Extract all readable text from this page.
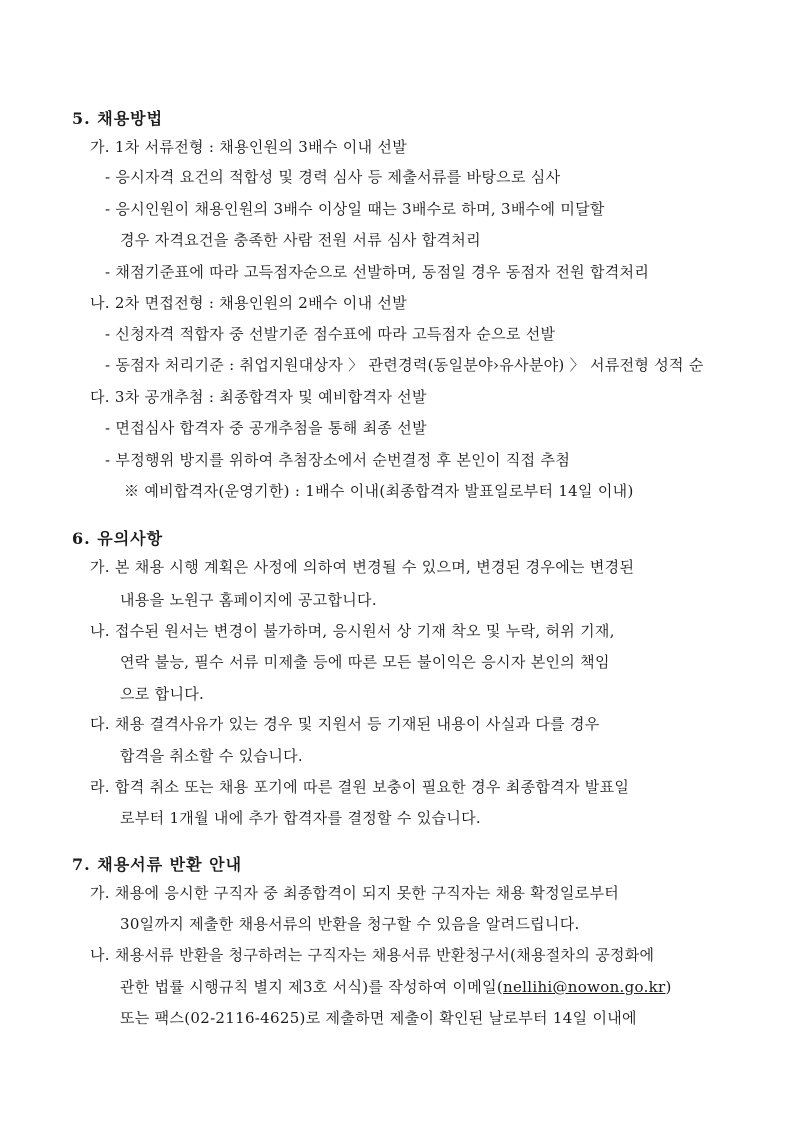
5. 채용방법
가. 1차 서류전형 : 채용인원의 3배수 이내 선발
- 응시자격 요건의 적합성 및 경력 심사 등 제출서류를 바탕으로 심사
- 응시인원이 채용인원의 3배수 이상일 때는 3배수로 하며, 3배수에 미달할
경우 자격요건을 충족한 사람 전원 서류 심사 합격처리
- 채점기준표에 따라 고득점자순으로 선발하며, 동점일 경우 동점자 전원 합격처리
나. 2차 면접전형 : 채용인원의 2배수 이내 선발
- 신청자격 적합자 중 선발기준 점수표에 따라 고득점자 순으로 선발
- 동점자 처리기준 : 취업지원대상자 〉 관련경력(동일분야›유사분야) 〉 서류전형 성적 순
다. 3차 공개추첨 : 최종합격자 및 예비합격자 선발
- 면접심사 합격자 중 공개추첨을 통해 최종 선발
- 부정행위 방지를 위하여 추첨장소에서 순번결정 후 본인이 직접 추첨
※ 예비합격자(운영기한) : 1배수 이내(최종합격자 발표일로부터 14일 이내)
6. 유의사항
가. 본 채용 시행 계획은 사정에 의하여 변경될 수 있으며, 변경된 경우에는 변경된
내용을 노원구 홈페이지에 공고합니다.
나. 접수된 원서는 변경이 불가하며, 응시원서 상 기재 착오 및 누락, 허위 기재,
연락 불능, 필수 서류 미제출 등에 따른 모든 불이익은 응시자 본인의 책임
으로 합니다.
다. 채용 결격사유가 있는 경우 및 지원서 등 기재된 내용이 사실과 다를 경우
합격을 취소할 수 있습니다.
라. 합격 취소 또는 채용 포기에 따른 결원 보충이 필요한 경우 최종합격자 발표일
로부터 1개월 내에 추가 합격자를 결정할 수 있습니다.
7. 채용서류 반환 안내
가. 채용에 응시한 구직자 중 최종합격이 되지 못한 구직자는 채용 확정일로부터
30일까지 제출한 채용서류의 반환을 청구할 수 있음을 알려드립니다.
나. 채용서류 반환을 청구하려는 구직자는 채용서류 반환청구서(채용절차의 공정화에
관한 법률 시행규칙 별지 제3호 서식)를 작성하여 이메일(nellihi@nowon.go.kr)
또는 팩스(02-2116-4625)로 제출하면 제출이 확인된 날로부터 14일 이내에
